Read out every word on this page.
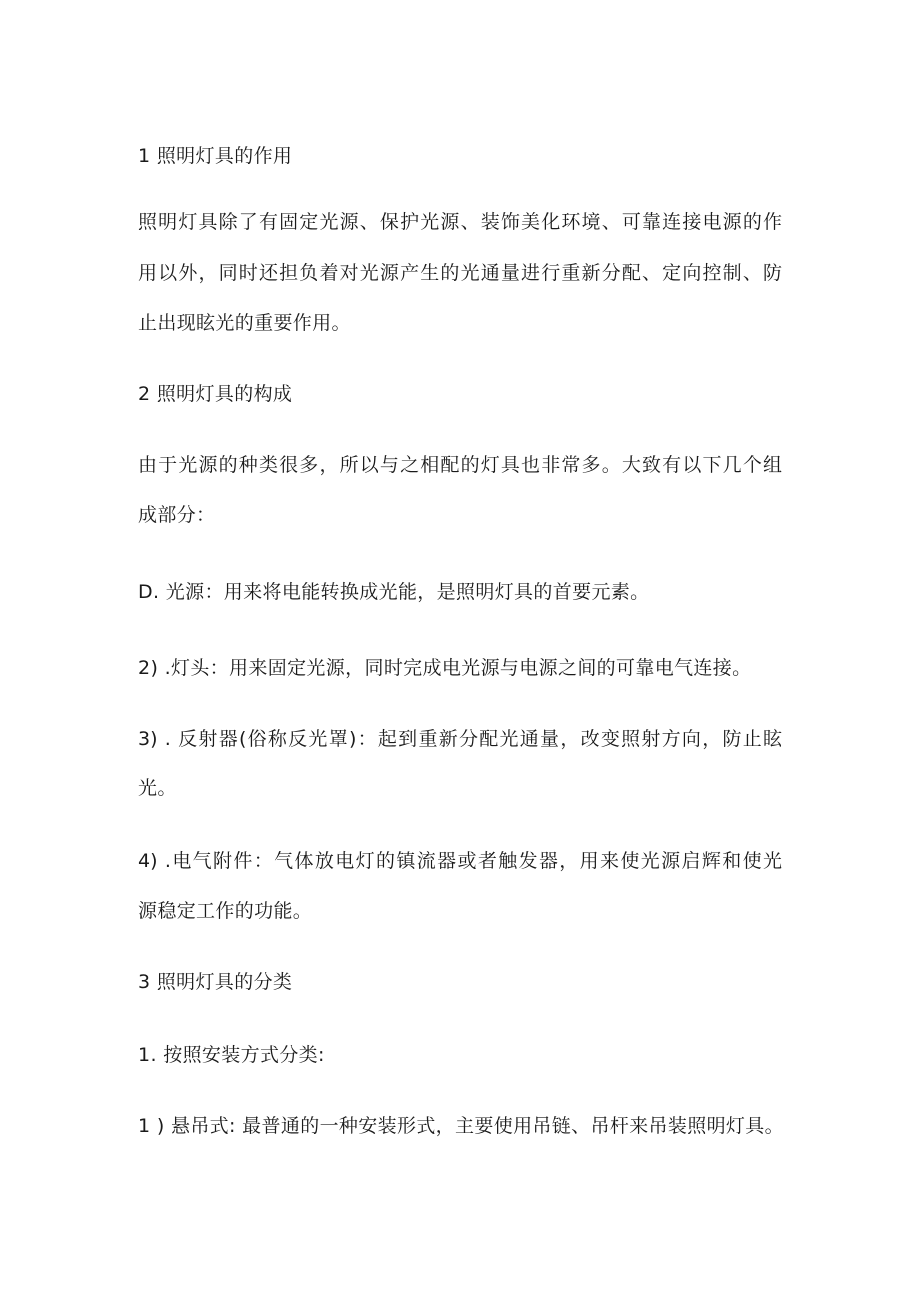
1 照明灯具的作用
照明灯具除了有固定光源、保护光源、装饰美化环境、可靠连接电源的作
用以外，同时还担负着对光源产生的光通量进行重新分配、定向控制、防
止出现眩光的重要作用。
2 照明灯具的构成
由于光源的种类很多，所以与之相配的灯具也非常多。大致有以下几个组
成部分：
D. 光源：用来将电能转换成光能，是照明灯具的首要元素。
2) .灯头：用来固定光源，同时完成电光源与电源之间的可靠电气连接。
3) . 反射器(俗称反光罩)：起到重新分配光通量，改变照射方向，防止眩
光。
4) .电气附件：气体放电灯的镇流器或者触发器，用来使光源启辉和使光
源稳定工作的功能。
3 照明灯具的分类
1. 按照安装方式分类:
1 ) 悬吊式: 最普通的一种安装形式，主要使用吊链、吊杆来吊装照明灯具。
